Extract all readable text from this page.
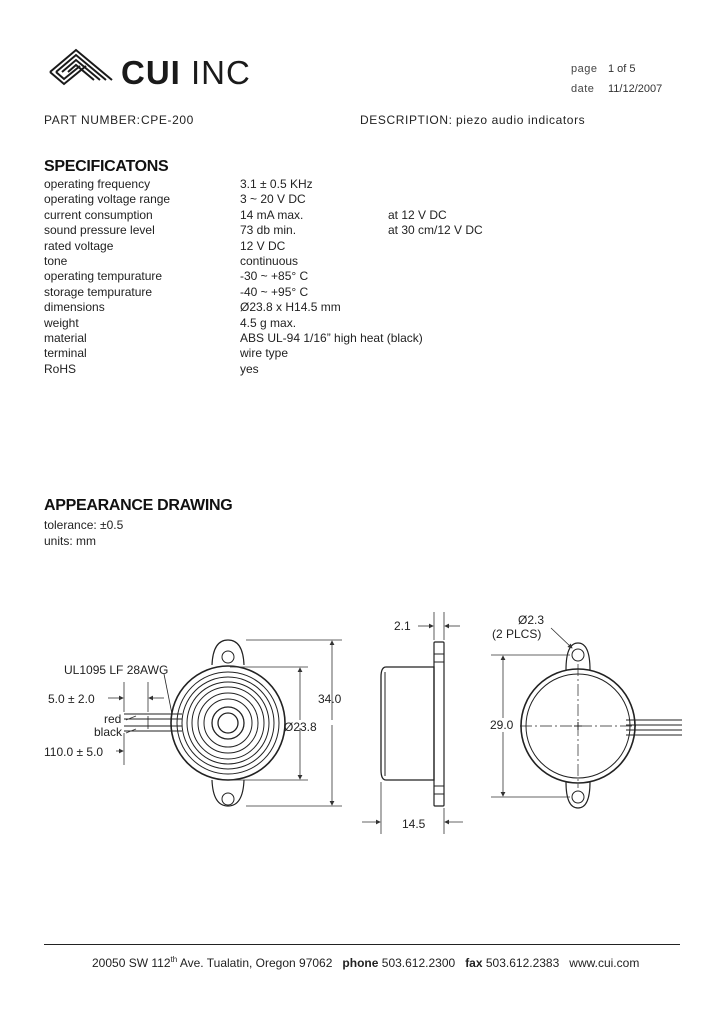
CUI INC	page 1 of 5
date 11/12/2007
PART NUMBER: CPE-200	DESCRIPTION: piezo audio indicators
SPECIFICATONS
operating frequency	3.1 ± 0.5 KHz
operating voltage range	3 ~ 20 V DC
current consumption	14 mA max.	at 12 V DC
sound pressure level	73 db min.	at 30 cm/12 V DC
rated voltage	12 V DC
tone	continuous
operating tempurature	-30 ~ +85° C
storage tempurature	-40 ~ +95° C
dimensions	Ø23.8 x H14.5 mm
weight	4.5 g max.
material	ABS UL-94 1/16” high heat (black)
terminal	wire type
RoHS	yes
APPEARANCE DRAWING
tolerance: ±0.5
units: mm
UL1095 LF 28AWG
5.0 ± 2.0
red
black
110.0 ± 5.0
Ø23.8
34.0
2.1
14.5
Ø2.3
(2 PLCS)
29.0
20050 SW 112th Ave. Tualatin, Oregon 97062 phone 503.612.2300 fax 503.612.2383 www.cui.com
